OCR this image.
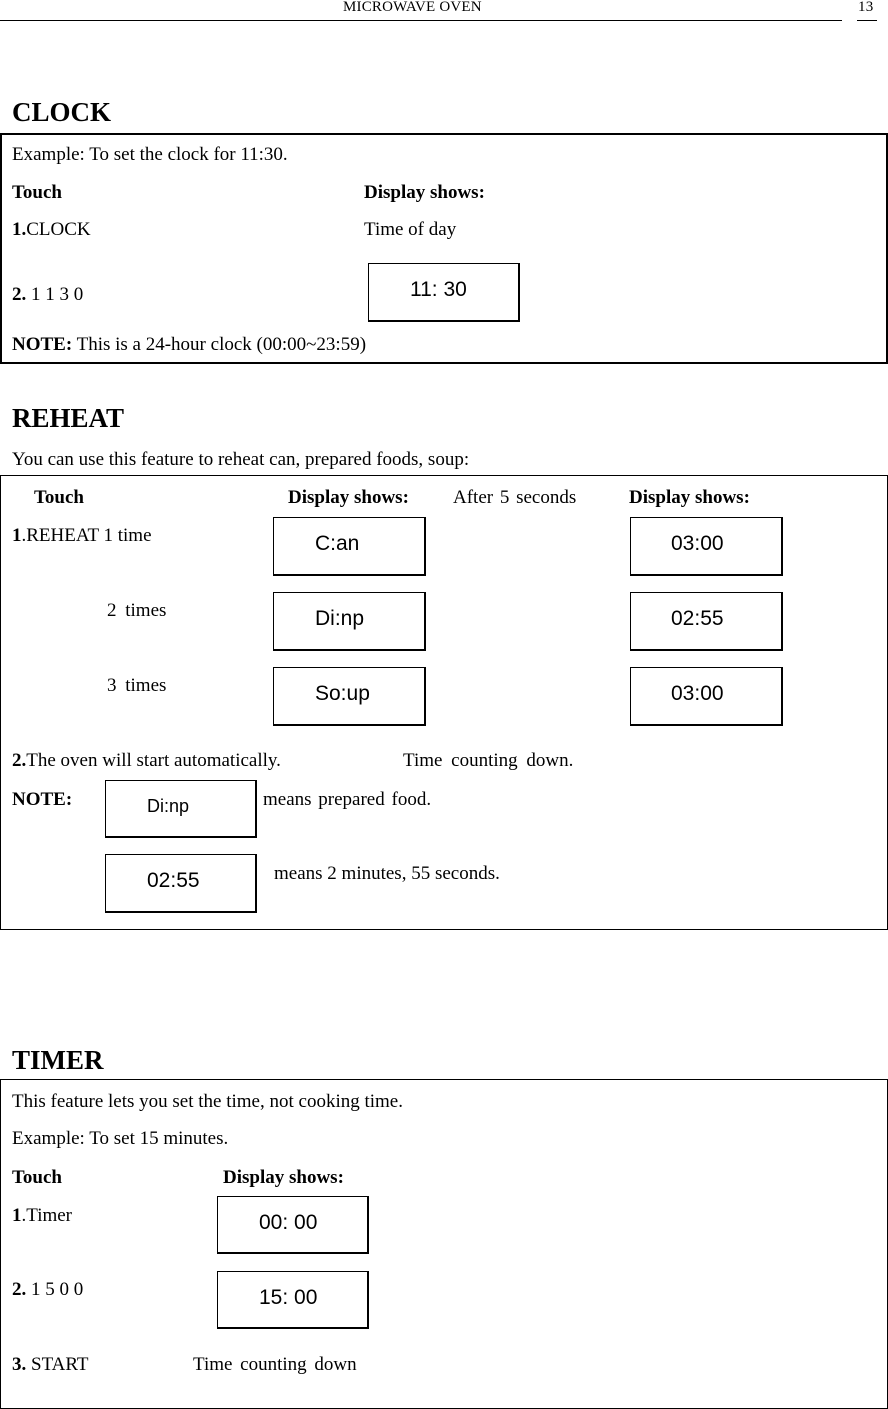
MICROWAVE OVEN	13
CLOCK
Example: To set the clock for 11:30.
Touch	Display shows:
1.CLOCK	Time of day
2. 1 1 3 0	11: 30
NOTE: This is a 24-hour clock (00:00~23:59)
REHEAT
You can use this feature to reheat can, prepared foods, soup:
Touch	Display shows: After 5 seconds	Display shows:
1.REHEAT 1 time	C:an	03:00
2 times	Di:np	02:55
3 times	So:up	03:00
2.The oven will start automatically.	Time counting down.
NOTE:	Di:np	means prepared food.
02:55	means 2 minutes, 55 seconds.
TIMER
This feature lets you set the time, not cooking time.
Example: To set 15 minutes.
Touch	Display shows:
1.Timer	00: 00
2. 1 5 0 0	15: 00
3. START	Time counting down
